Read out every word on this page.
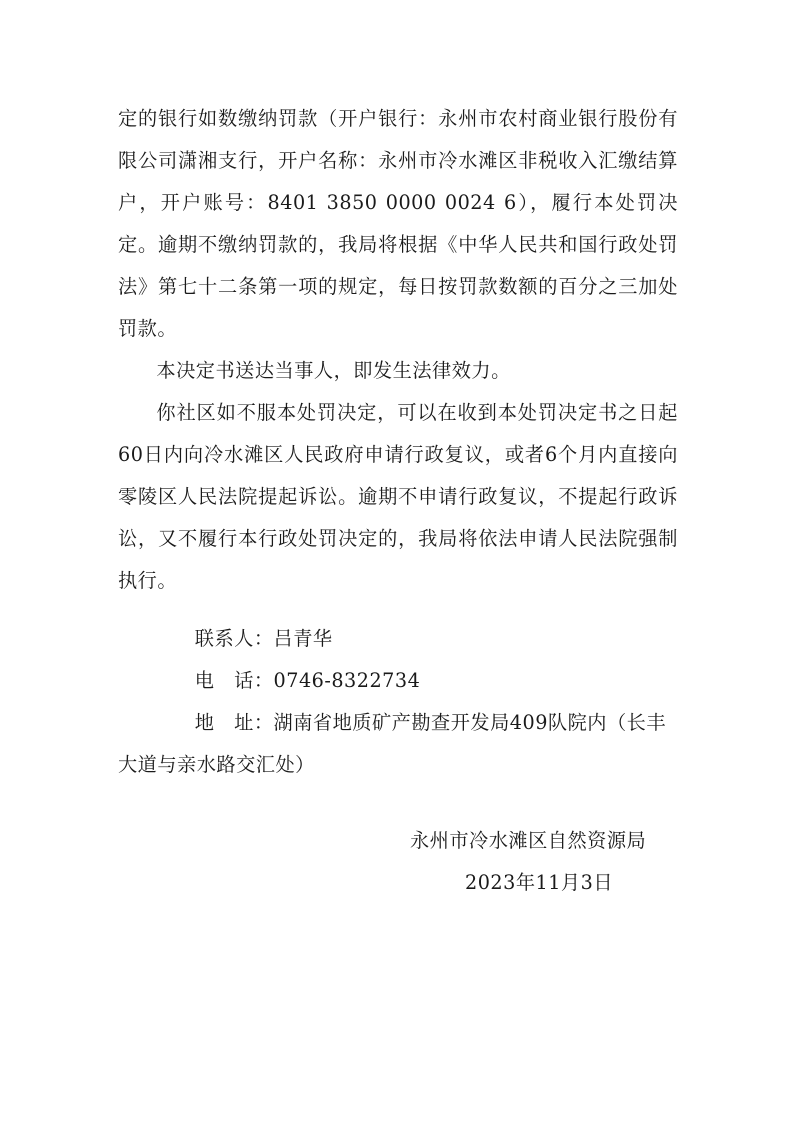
定的银行如数缴纳罚款（开户银行：永州市农村商业银行股份有限公司潇湘支行，开户名称：永州市冷水滩区非税收入汇缴结算户，开户账号：8401 3850 0000 0024 6），履行本处罚决定。逾期不缴纳罚款的，我局将根据《中华人民共和国行政处罚法》第七十二条第一项的规定，每日按罚款数额的百分之三加处罚款。

本决定书送达当事人，即发生法律效力。

你社区如不服本处罚决定，可以在收到本处罚决定书之日起60日内向冷水滩区人民政府申请行政复议，或者6个月内直接向零陵区人民法院提起诉讼。逾期不申请行政复议，不提起行政诉讼，又不履行本行政处罚决定的，我局将依法申请人民法院强制执行。

联系人：吕青华

电　话：0746-8322734

地　址：湖南省地质矿产勘查开发局409队院内（长丰大道与亲水路交汇处）

永州市冷水滩区自然资源局
2023年11月3日
